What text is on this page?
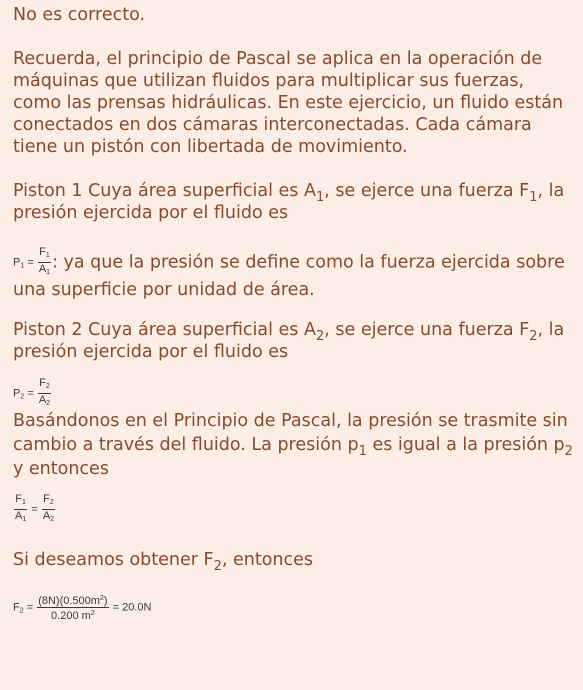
No es correcto.

Recuerda, el principio de Pascal se aplica en la operación de máquinas que utilizan fluidos para multiplicar sus fuerzas, como las prensas hidráulicas. En este ejercicio, un fluido están conectados en dos cámaras interconectadas. Cada cámara tiene un pistón con libertada de movimiento.

Piston 1 Cuya área superficial es $A_1$, se ejerce una fuerza $F_1$, la presión ejercida por el fluido es

$P_1 = \frac{F_1}{A_1}$ : ya que la presión se define como la fuerza ejercida sobre una superficie por unidad de área.

Piston 2 Cuya área superficial es $A_2$, se ejerce una fuerza $F_2$, la presión ejercida por el fluido es

$P_2 = \frac{F_2}{A_2}$

Basándonos en el Principio de Pascal, la presión se trasmite sin cambio a través del fluido. La presión $p_1$ es igual a la presión $p_2$ y entonces

$\frac{F_1}{A_1} = \frac{F_2}{A_2}$

Si deseamos obtener $F_2$, entonces

$F_2 = \frac{(8N)(0.500m^2)}{0.200 m^2} = 20.0N$
